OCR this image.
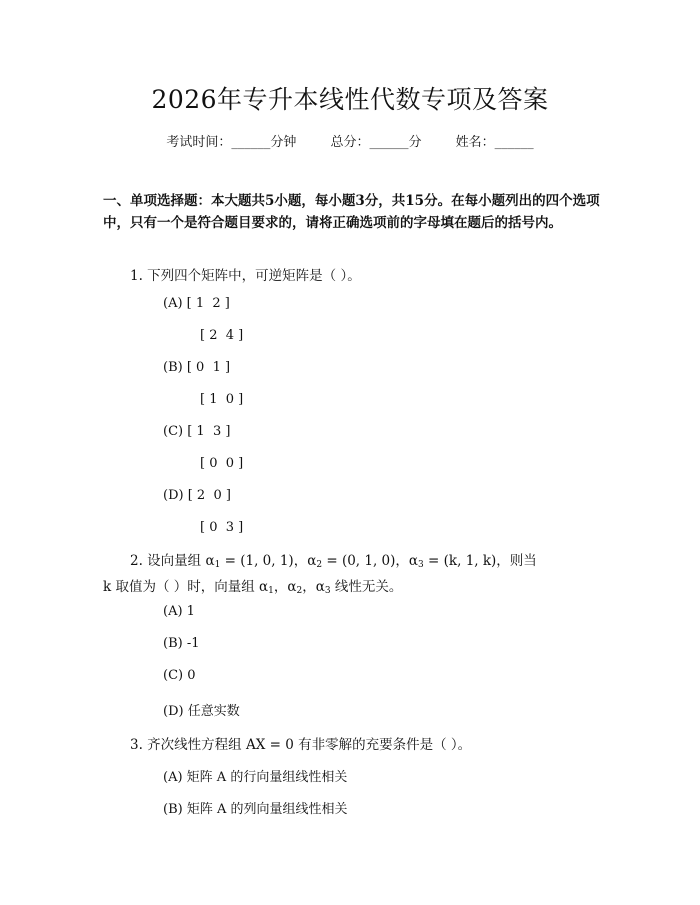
2026年专升本线性代数专项及答案
考试时间：______分钟	总分：______分	姓名：______
一、单项选择题：本大题共5小题，每小题3分，共15分。在每小题列出的四个选项中，只有一个是符合题目要求的，请将正确选项前的字母填在题后的括号内。
1. 下列四个矩阵中，可逆矩阵是（ ）。
(A) [ 1  2 ]
[ 2  4 ]
(B) [ 0  1 ]
[ 1  0 ]
(C) [ 1  3 ]
[ 0  0 ]
(D) [ 2  0 ]
[ 0  3 ]
2. 设向量组 $\alpha_1 = (1$, 0, 1)，$\alpha_2 = (0$, 1, 0)，$\alpha_3 = (k$, 1, k)，则当
k 取值为（ ）时，向量组 $\alpha_1$，$\alpha_2$，$\alpha_3$ 线性无关。
(A) 1
(B) -1
(C) 0
(D) 任意实数
3. 齐次线性方程组 AX = 0 有非零解的充要条件是（ ）。
(A) 矩阵 A 的行向量组线性相关
(B) 矩阵 A 的列向量组线性相关
